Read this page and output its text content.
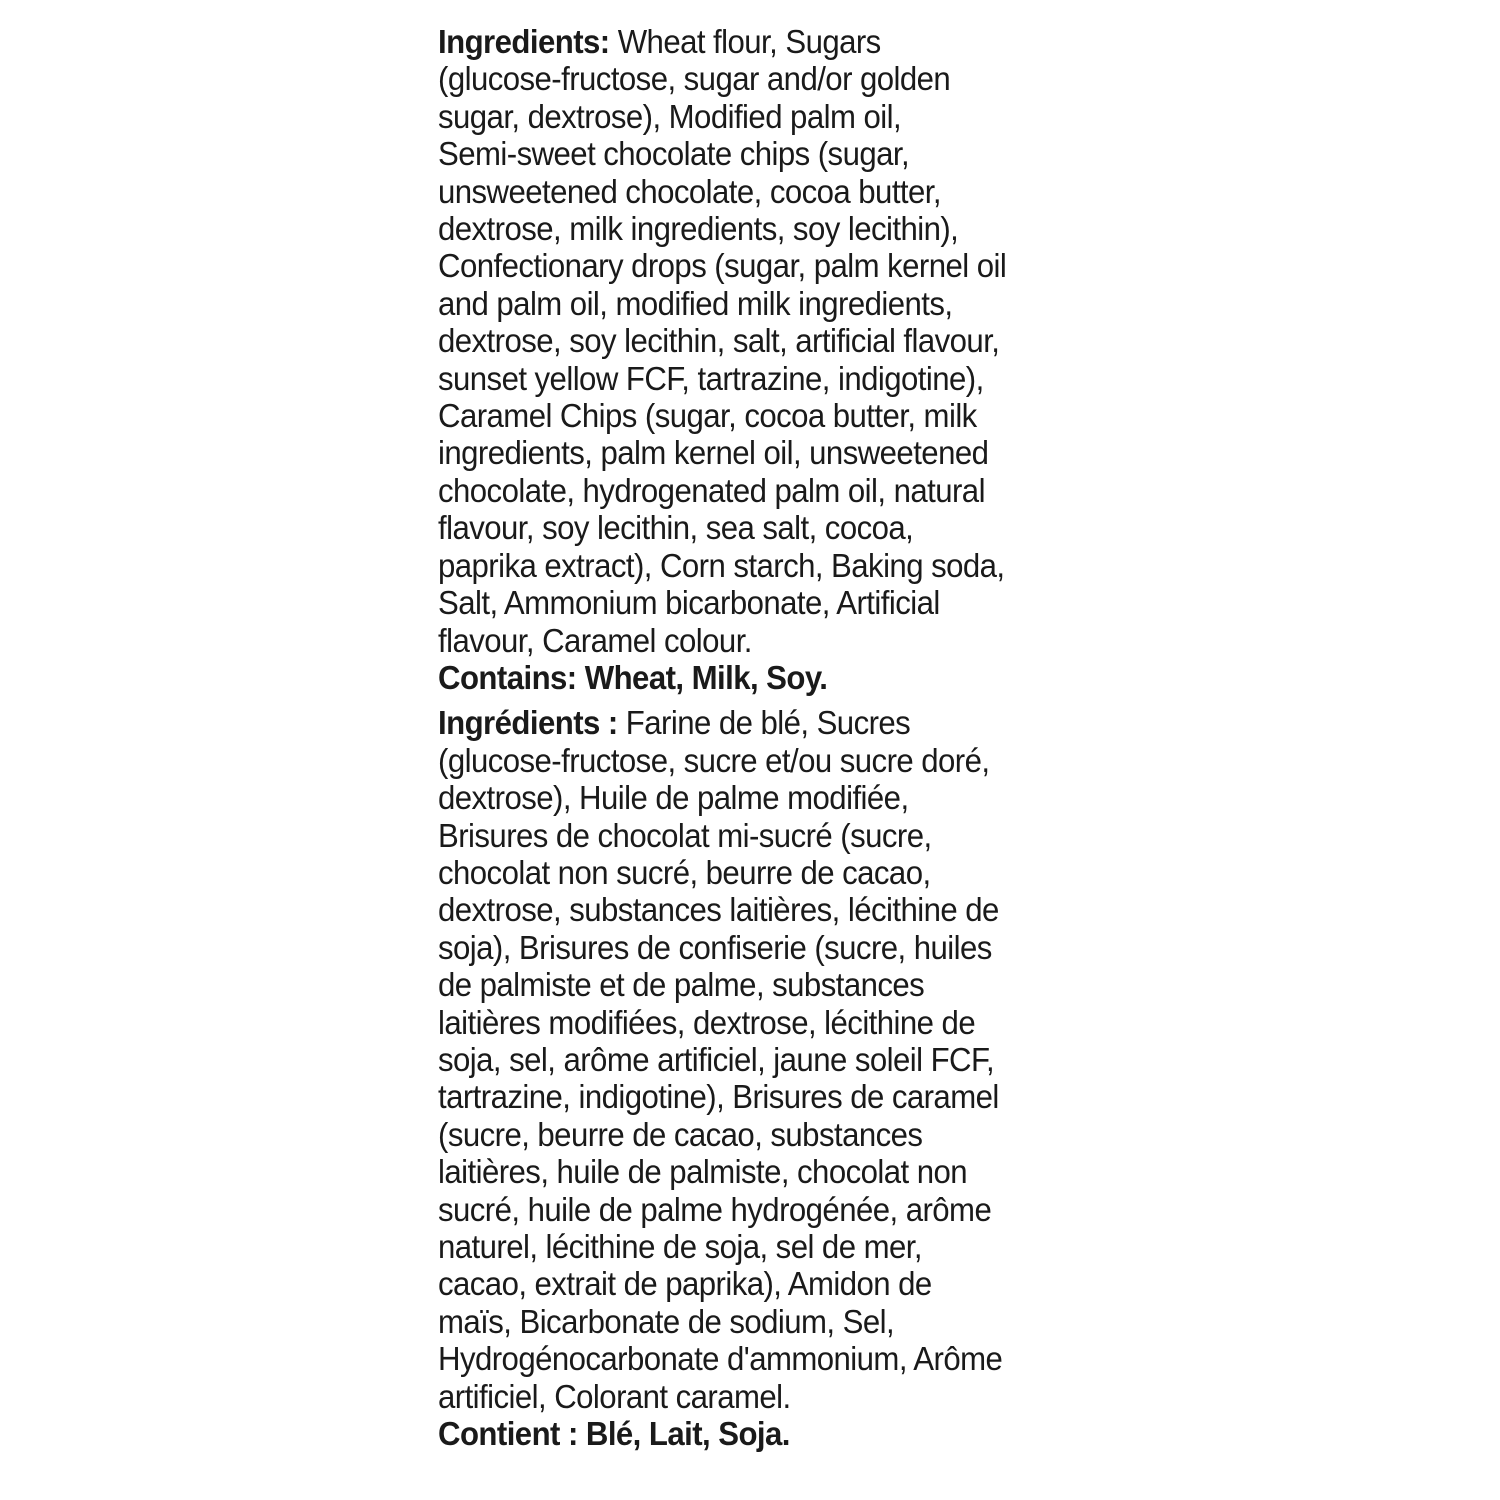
Ingredients: Wheat flour, Sugars
(glucose-fructose, sugar and/or golden
sugar, dextrose), Modified palm oil,
Semi-sweet chocolate chips (sugar,
unsweetened chocolate, cocoa butter,
dextrose, milk ingredients, soy lecithin),
Confectionary drops (sugar, palm kernel oil
and palm oil, modified milk ingredients,
dextrose, soy lecithin, salt, artificial flavour,
sunset yellow FCF, tartrazine, indigotine),
Caramel Chips (sugar, cocoa butter, milk
ingredients, palm kernel oil, unsweetened
chocolate, hydrogenated palm oil, natural
flavour, soy lecithin, sea salt, cocoa,
paprika extract), Corn starch, Baking soda,
Salt, Ammonium bicarbonate, Artificial
flavour, Caramel colour.
Contains: Wheat, Milk, Soy.
Ingrédients : Farine de blé, Sucres
(glucose-fructose, sucre et/ou sucre doré,
dextrose), Huile de palme modifiée,
Brisures de chocolat mi-sucré (sucre,
chocolat non sucré, beurre de cacao,
dextrose, substances laitières, lécithine de
soja), Brisures de confiserie (sucre, huiles
de palmiste et de palme, substances
laitières modifiées, dextrose, lécithine de
soja, sel, arôme artificiel, jaune soleil FCF,
tartrazine, indigotine), Brisures de caramel
(sucre, beurre de cacao, substances
laitières, huile de palmiste, chocolat non
sucré, huile de palme hydrogénée, arôme
naturel, lécithine de soja, sel de mer,
cacao, extrait de paprika), Amidon de
maïs, Bicarbonate de sodium, Sel,
Hydrogénocarbonate d'ammonium, Arôme
artificiel, Colorant caramel.
Contient : Blé, Lait, Soja.
